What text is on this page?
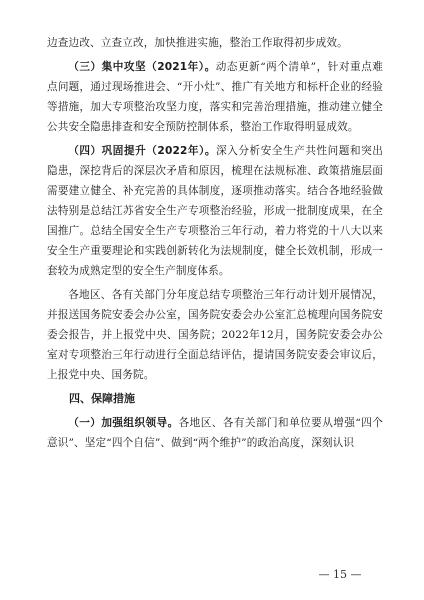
边查边改、立查立改，加快推进实施，整治工作取得初步成效。

（三）集中攻坚（2021年）。动态更新“两个清单”，针对重点难点问题，通过现场推进会、“开小灶”、推广有关地方和标杆企业的经验等措施，加大专项整治攻坚力度，落实和完善治理措施，推动建立健全公共安全隐患排查和安全预防控制体系，整治工作取得明显成效。

（四）巩固提升（2022年）。深入分析安全生产共性问题和突出隐患，深挖背后的深层次矛盾和原因，梳理在法规标准、政策措施层面需要建立健全、补充完善的具体制度，逐项推动落实。结合各地经验做法特别是总结江苏省安全生产专项整治经验，形成一批制度成果，在全国推广。总结全国安全生产专项整治三年行动，着力将党的十八大以来安全生产重要理论和实践创新转化为法规制度，健全长效机制，形成一套较为成熟定型的安全生产制度体系。

各地区、各有关部门分年度总结专项整治三年行动计划开展情况，并报送国务院安委会办公室，国务院安委会办公室汇总梳理向国务院安委会报告，并上报党中央、国务院；2022年12月，国务院安委会办公室对专项整治三年行动进行全面总结评估，提请国务院安委会审议后，上报党中央、国务院。

四、保障措施

（一）加强组织领导。各地区、各有关部门和单位要从增强“四个意识”、坚定“四个自信”、做到“两个维护”的政治高度，深刻认识

— 15 —
